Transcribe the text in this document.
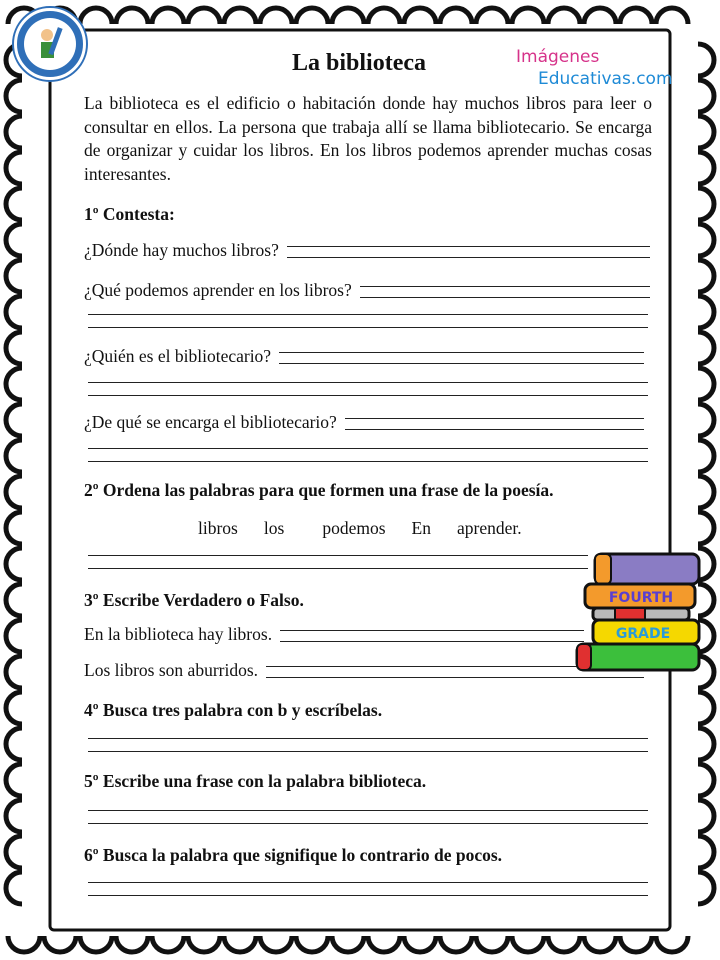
La biblioteca	Imágenes
Educativas.com
La biblioteca es el edificio o habitación donde hay muchos libros para leer o consultar en ellos. La persona que trabaja allí se llama bibliotecario. Se encarga de organizar y cuidar los libros. En los libros podemos aprender muchas cosas interesantes.
1º Contesta:
¿Dónde hay muchos libros?
¿Qué podemos aprender en los libros?
¿Quién es el bibliotecario?
¿De qué se encarga el bibliotecario?
2º Ordena las palabras para que formen una frase de la poesía.
libros los podemos En aprender.
3º Escribe Verdadero o Falso.
En la biblioteca hay libros.
Los libros son aburridos.
4º Busca tres palabra con b y escríbelas.
5º Escribe una frase con la palabra biblioteca.
6º Busca la palabra que signifique lo contrario de pocos.
FOURTH
GRADE
